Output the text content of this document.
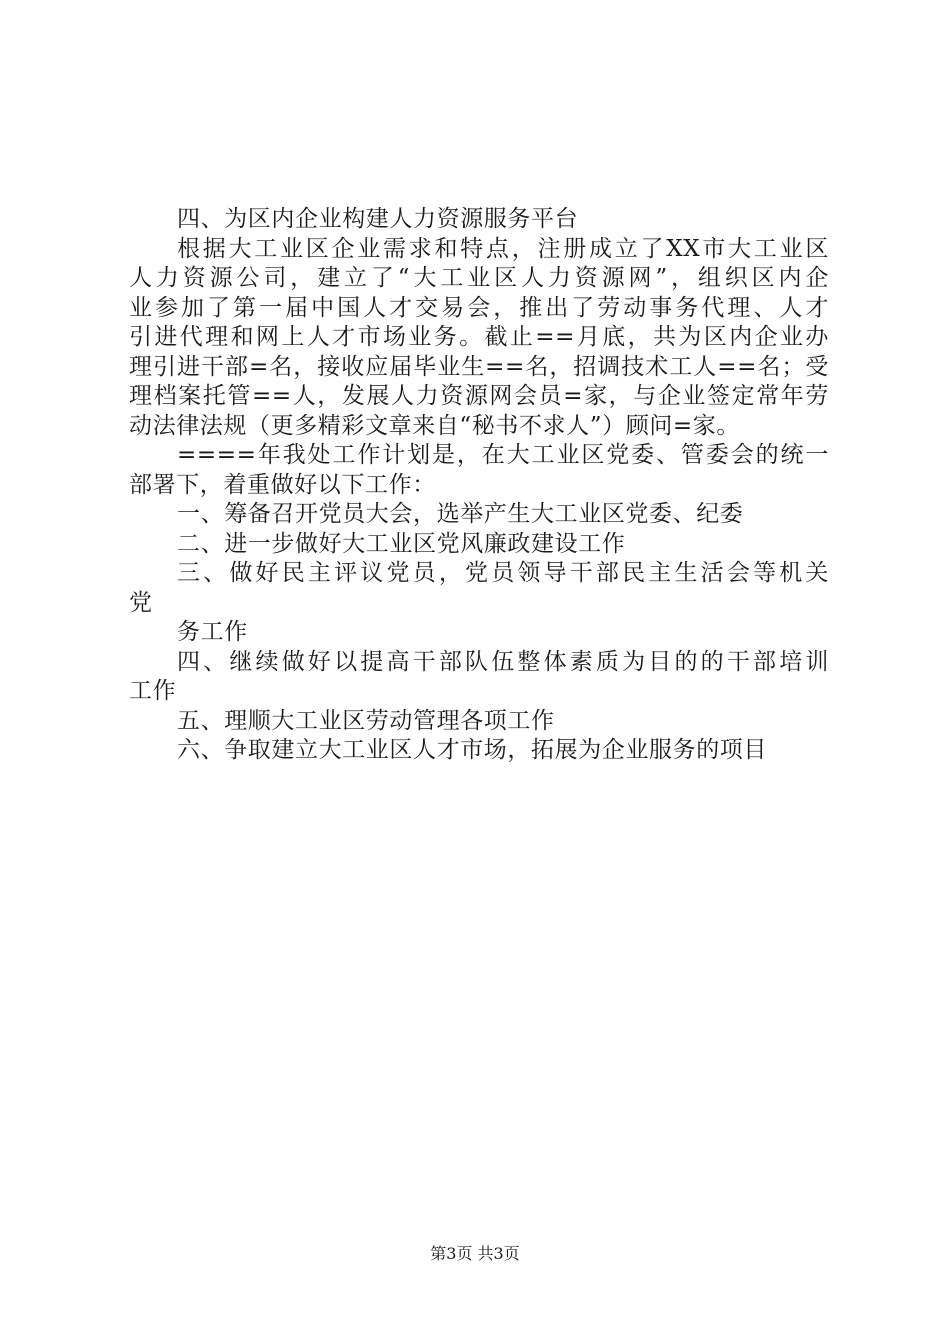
四、为区内企业构建人力资源服务平台
根据大工业区企业需求和特点，注册成立了XX市大工业区
人力资源公司，建立了“大工业区人力资源网”，组织区内企
业参加了第一届中国人才交易会，推出了劳动事务代理、人才
引进代理和网上人才市场业务。截止==月底，共为区内企业办
理引进干部=名，接收应届毕业生==名，招调技术工人==名；受
理档案托管==人，发展人力资源网会员=家，与企业签定常年劳
动法律法规（更多精彩文章来自“秘书不求人”）顾问=家。
====年我处工作计划是，在大工业区党委、管委会的统一
部署下，着重做好以下工作：
一、筹备召开党员大会，选举产生大工业区党委、纪委
二、进一步做好大工业区党风廉政建设工作
三、做好民主评议党员，党员领导干部民主生活会等机关
党
务工作
四、继续做好以提高干部队伍整体素质为目的的干部培训
工作
五、理顺大工业区劳动管理各项工作
六、争取建立大工业区人才市场，拓展为企业服务的项目
第3页 共3页
